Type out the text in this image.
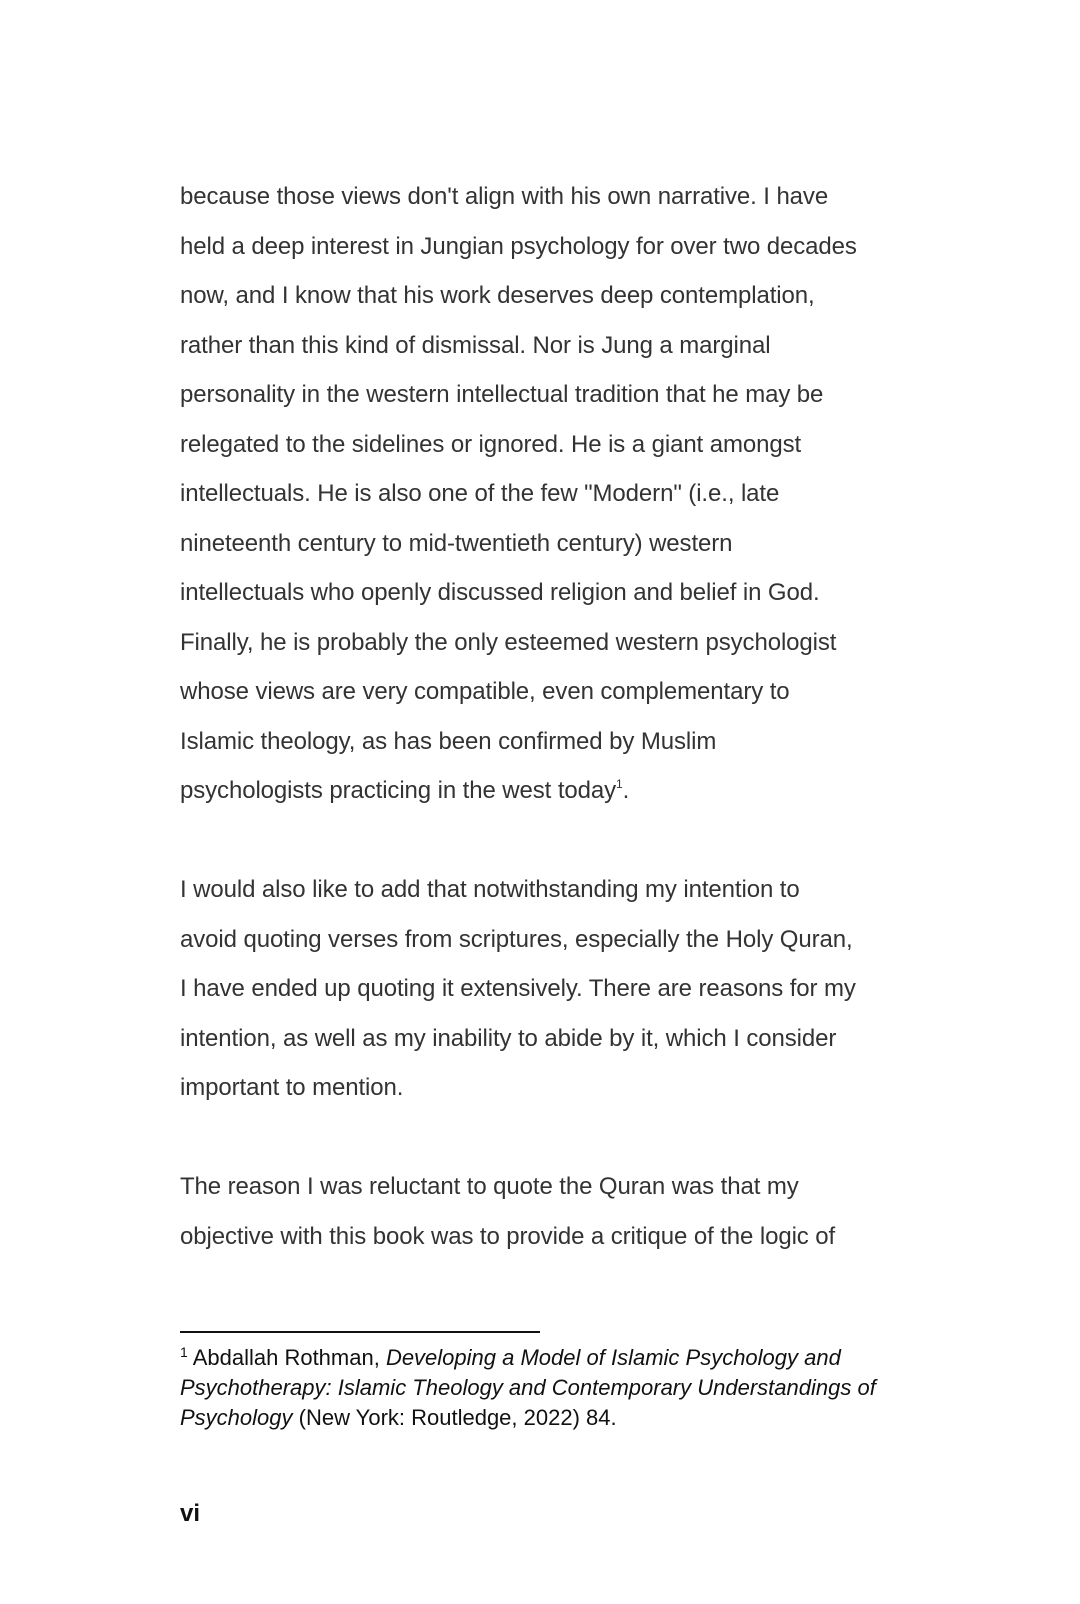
because those views don't align with his own narrative. I have
held a deep interest in Jungian psychology for over two decades
now, and I know that his work deserves deep contemplation,
rather than this kind of dismissal. Nor is Jung a marginal
personality in the western intellectual tradition that he may be
relegated to the sidelines or ignored. He is a giant amongst
intellectuals. He is also one of the few "Modern" (i.e., late
nineteenth century to mid-twentieth century) western
intellectuals who openly discussed religion and belief in God.
Finally, he is probably the only esteemed western psychologist
whose views are very compatible, even complementary to
Islamic theology, as has been confirmed by Muslim
psychologists practicing in the west today$^1$.

I would also like to add that notwithstanding my intention to
avoid quoting verses from scriptures, especially the Holy Quran,
I have ended up quoting it extensively. There are reasons for my
intention, as well as my inability to abide by it, which I consider
important to mention.

The reason I was reluctant to quote the Quran was that my
objective with this book was to provide a critique of the logic of

$^1$ Abdallah Rothman, Developing a Model of Islamic Psychology and
Psychotherapy: Islamic Theology and Contemporary Understandings of
Psychology (New York: Routledge, 2022) 84.
vi
